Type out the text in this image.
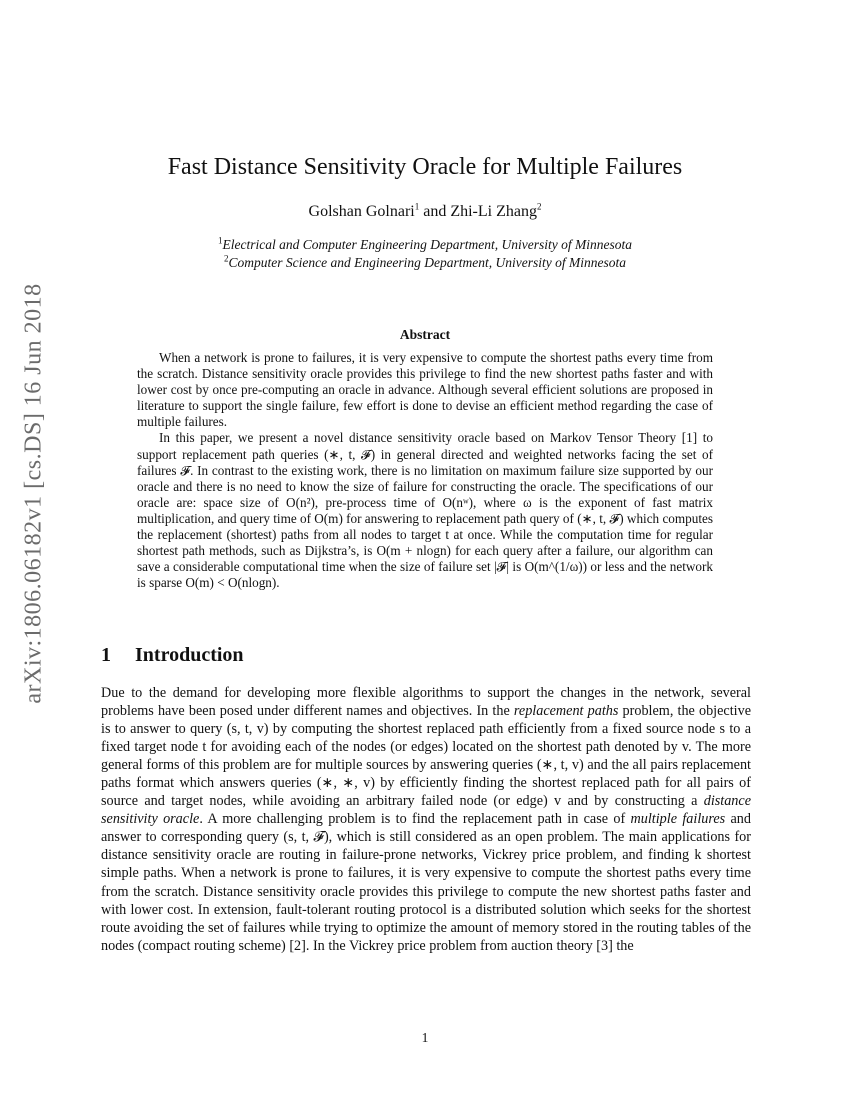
arXiv:1806.06182v1 [cs.DS] 16 Jun 2018
Fast Distance Sensitivity Oracle for Multiple Failures
Golshan Golnari$^1$ and Zhi-Li Zhang$^2$
$^1$Electrical and Computer Engineering Department, University of Minnesota
$^2$Computer Science and Engineering Department, University of Minnesota
Abstract

When a network is prone to failures, it is very expensive to compute the shortest paths every time from the scratch. Distance sensitivity oracle provides this privilege to find the new shortest paths faster and with lower cost by once pre-computing an oracle in advance. Although several efficient solutions are proposed in literature to support the single failure, few effort is done to devise an efficient method regarding the case of multiple failures.

In this paper, we present a novel distance sensitivity oracle based on Markov Tensor Theory [1] to support replacement path queries (∗, t, 𝓕) in general directed and weighted networks facing the set of failures 𝓕. In contrast to the existing work, there is no limitation on maximum failure size supported by our oracle and there is no need to know the size of failure for constructing the oracle. The specifications of our oracle are: space size of O(n²), pre-process time of O(nʷ), where ω is the exponent of fast matrix multiplication, and query time of O(m) for answering to replacement path query of (∗, t, 𝓕) which computes the replacement (shortest) paths from all nodes to target t at once. While the computation time for regular shortest path methods, such as Dijkstra’s, is O(m + nlogn) for each query after a failure, our algorithm can save a considerable computational time when the size of failure set |𝓕| is O(m^(1/ω)) or less and the network is sparse O(m) < O(nlogn).

1 Introduction

Due to the demand for developing more flexible algorithms to support the changes in the network, several problems have been posed under different names and objectives. In the replacement paths problem, the objective is to answer to query (s, t, v) by computing the shortest replaced path efficiently from a fixed source node s to a fixed target node t for avoiding each of the nodes (or edges) located on the shortest path denoted by v. The more general forms of this problem are for multiple sources by answering queries (∗, t, v) and the all pairs replacement paths format which answers queries (∗, ∗, v) by efficiently finding the shortest replaced path for all pairs of source and target nodes, while avoiding an arbitrary failed node (or edge) v and by constructing a distance sensitivity oracle. A more challenging problem is to find the replacement path in case of multiple failures and answer to corresponding query (s, t, 𝓕), which is still considered as an open problem. The main applications for distance sensitivity oracle are routing in failure-prone networks, Vickrey price problem, and finding k shortest simple paths. When a network is prone to failures, it is very expensive to compute the shortest paths every time from the scratch. Distance sensitivity oracle provides this privilege to compute the new shortest paths faster and with lower cost. In extension, fault-tolerant routing protocol is a distributed solution which seeks for the shortest route avoiding the set of failures while trying to optimize the amount of memory stored in the routing tables of the nodes (compact routing scheme) [2]. In the Vickrey price problem from auction theory [3] the

1
